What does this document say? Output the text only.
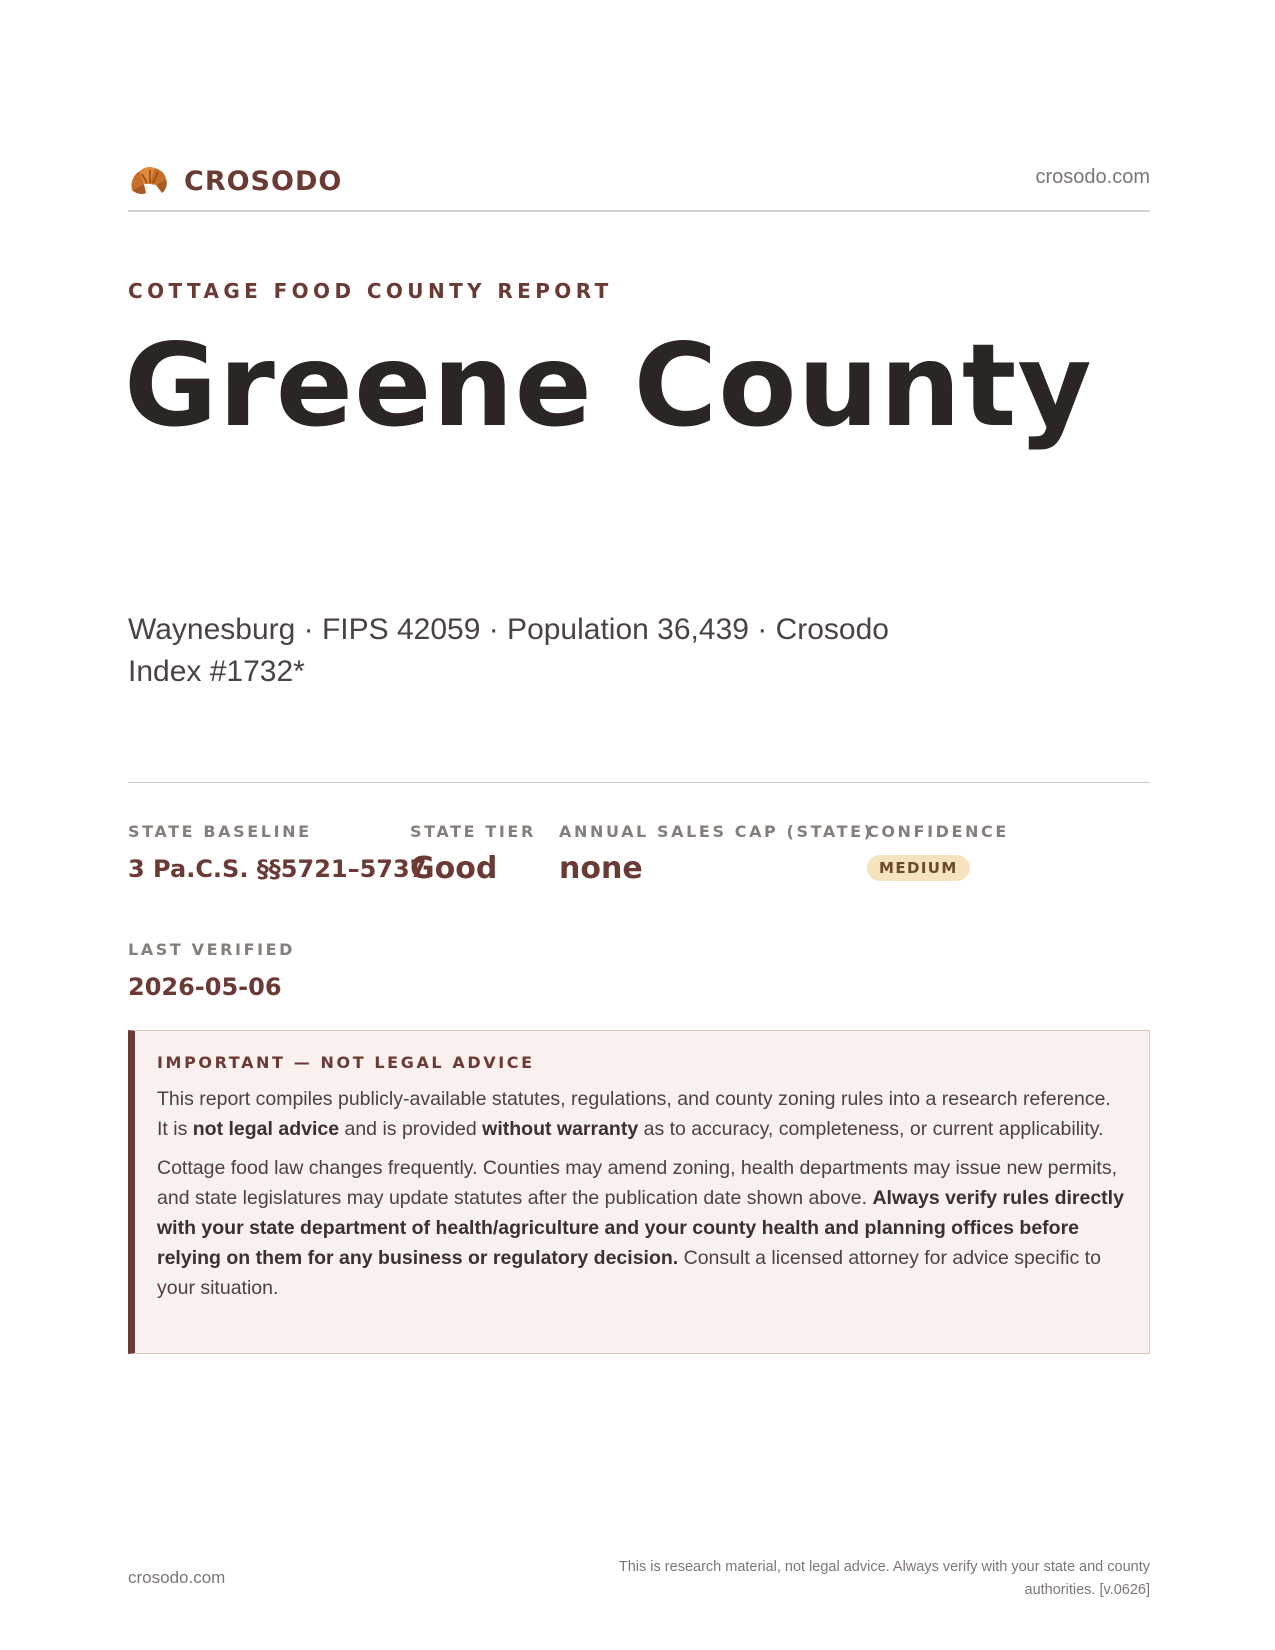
CROSODO	crosodo.com
COTTAGE FOOD COUNTY REPORT
Greene County
Waynesburg · FIPS 42059 · Population 36,439 · Crosodo Index #1732*
STATE BASELINE
3 Pa.C.S. §§5721–5737
STATE TIER
Good
ANNUAL SALES CAP (STATE)
none
CONFIDENCE
MEDIUM
LAST VERIFIED
2026-05-06
IMPORTANT — NOT LEGAL ADVICE

This report compiles publicly-available statutes, regulations, and county zoning rules into a research reference. It is not legal advice and is provided without warranty as to accuracy, completeness, or current applicability.

Cottage food law changes frequently. Counties may amend zoning, health departments may issue new permits, and state legislatures may update statutes after the publication date shown above. Always verify rules directly with your state department of health/agriculture and your county health and planning offices before relying on them for any business or regulatory decision. Consult a licensed attorney for advice specific to your situation.

crosodo.com
This is research material, not legal advice. Always verify with your state and county authorities. [v.0626]
